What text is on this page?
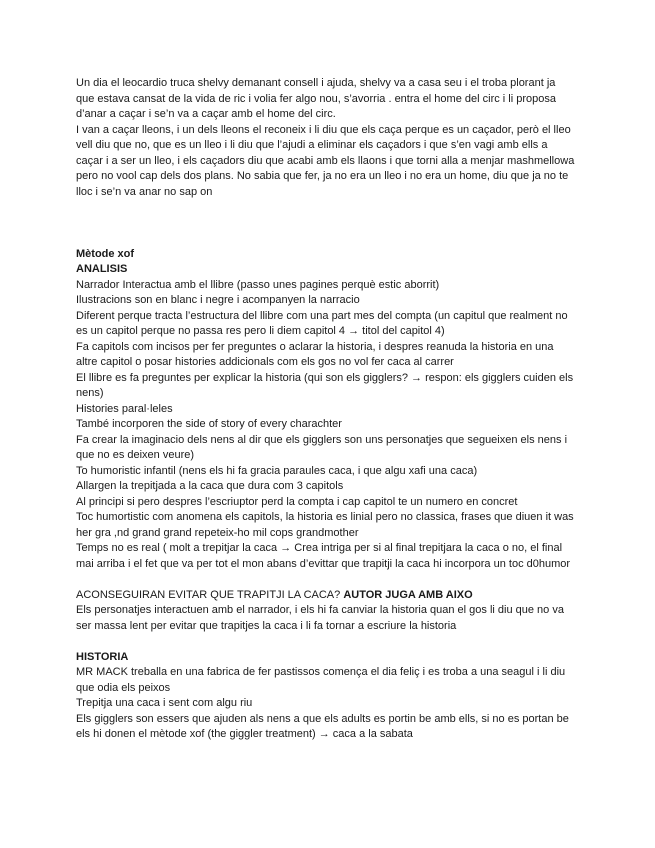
Un dia el leocardio truca shelvy demanant consell i ajuda, shelvy va a casa seu i el troba plorant ja que estava cansat de la vida de ric i volia fer algo nou, s’avorria . entra el home del circ i li proposa d’anar a caçar i se’n va a caçar amb el home del circ.

I van a caçar lleons, i un dels lleons el reconeix i li diu que els caça perque es un caçador, però el lleo vell diu que no, que es un lleo i li diu que l’ajudi a eliminar els caçadors i que s’en vagi amb ells a caçar i a ser un lleo, i els caçadors diu que acabi amb els llaons i que torni alla a menjar mashmellowa pero no vool cap dels dos plans. No sabia que fer, ja no era un lleo i no era un home, diu que ja no te lloc i se’n va anar no sap on

Mètode xof

ANALISIS

Narrador Interactua amb el llibre (passo unes pagines perquè estic aborrit)

Ilustracions son en blanc i negre i acompanyen la narracio

Diferent perque tracta l’estructura del llibre com una part mes del compta (un capitul que realment no es un capitol perque no passa res pero li diem capitol 4 → titol del capitol 4)

Fa capitols com incisos per fer preguntes o aclarar la historia, i despres reanuda la historia en una altre capitol o posar histories addicionals com els gos no vol fer caca al carrer

El llibre es fa preguntes per explicar la historia (qui son els gigglers? → respon: els gigglers cuiden els nens)

Histories paral·leles

També incorporen the side of story of every charachter

Fa crear la imaginacio dels nens al dir que els gigglers son uns personatjes que segueixen els nens i que no es deixen veure)

To humoristic infantil (nens els hi fa gracia paraules caca, i que algu xafi una caca)

Allargen la trepitjada a la caca que dura com 3 capitols

Al principi si pero despres l’escriuptor perd la compta i cap capitol te un numero en concret

Toc humortistic com anomena els capitols, la historia es linial pero no classica, frases que diuen it was her gra ,nd grand grand repeteix-ho mil cops grandmother

Temps no es real ( molt a trepitjar la caca → Crea intriga per si al final trepitjara la caca o no, el final mai arriba i el fet que va per tot el mon abans d’evittar que trapitji la caca hi incorpora un toc d0humor

ACONSEGUIRAN EVITAR QUE TRAPITJI LA CACA? AUTOR JUGA AMB AIXO

Els personatjes interactuen amb el narrador, i els hi fa canviar la historia quan el gos li diu que no va ser massa lent per evitar que trapitjes la caca i li fa tornar a escriure la historia

HISTORIA

MR MACK treballa en una fabrica de fer pastissos comença el dia feliç i es troba a una seagul i li diu que odia els peixos

Trepitja una caca i sent com algu riu

Els gigglers son essers que ajuden als nens a que els adults es portin be amb ells, si no es portan be els hi donen el mètode xof (the giggler treatment) → caca a la sabata
